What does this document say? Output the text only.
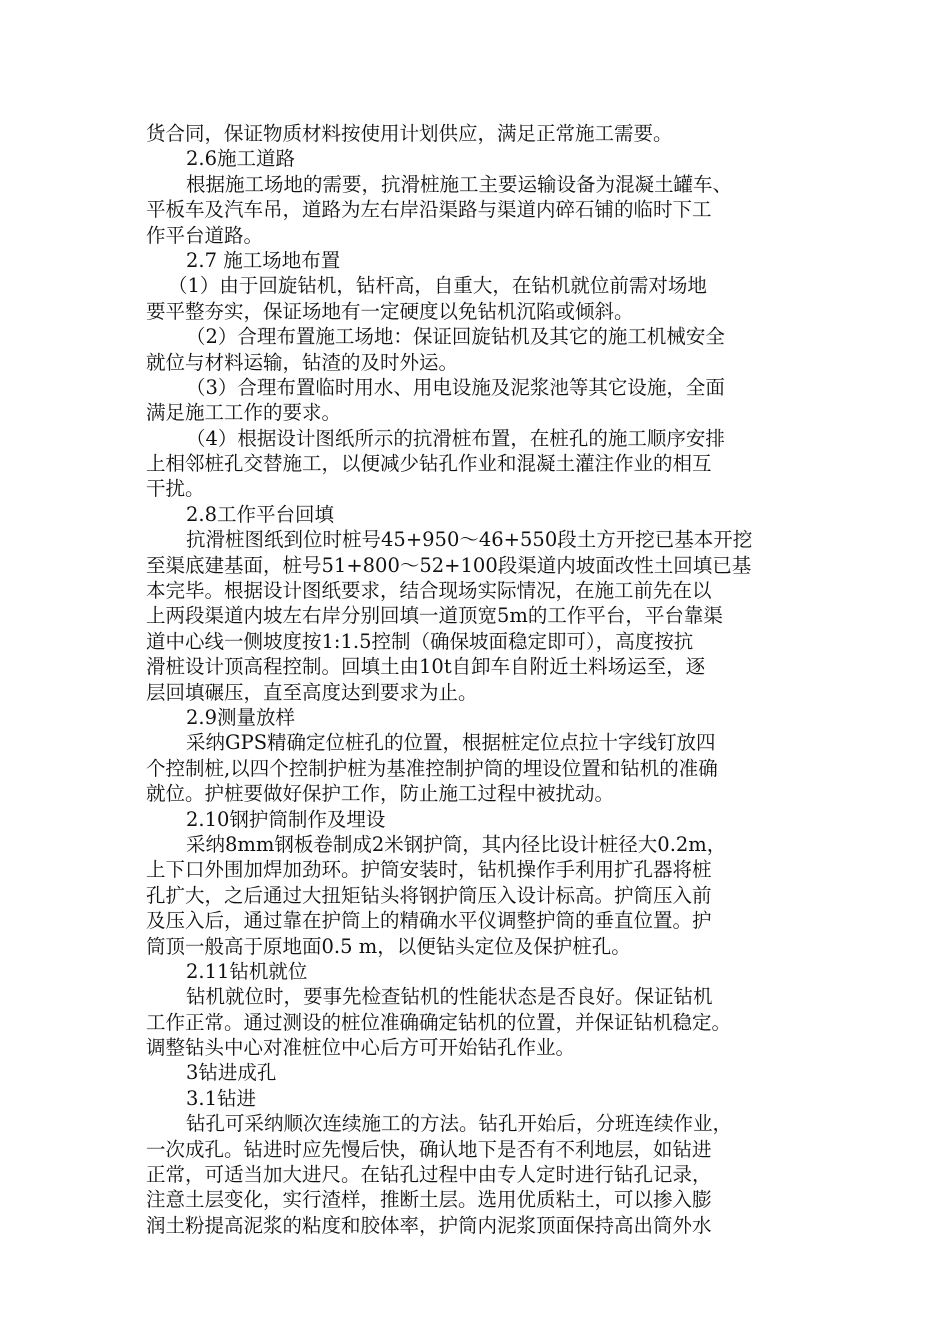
货合同，保证物质材料按使用计划供应，满足正常施工需要。
2.6施工道路
根据施工场地的需要，抗滑桩施工主要运输设备为混凝土罐车、
平板车及汽车吊，道路为左右岸沿渠路与渠道内碎石铺的临时下工
作平台道路。
2.7 施工场地布置
（1）由于回旋钻机，钻杆高，自重大，在钻机就位前需对场地
要平整夯实，保证场地有一定硬度以免钻机沉陷或倾斜。
（2）合理布置施工场地：保证回旋钻机及其它的施工机械安全
就位与材料运输，钻渣的及时外运。
（3）合理布置临时用水、用电设施及泥浆池等其它设施，全面
满足施工工作的要求。
（4）根据设计图纸所示的抗滑桩布置，在桩孔的施工顺序安排
上相邻桩孔交替施工，以便减少钻孔作业和混凝土灌注作业的相互
干扰。
2.8工作平台回填
抗滑桩图纸到位时桩号45+950～46+550段土方开挖已基本开挖
至渠底建基面，桩号51+800～52+100段渠道内坡面改性土回填已基
本完毕。根据设计图纸要求，结合现场实际情况，在施工前先在以
上两段渠道内坡左右岸分别回填一道顶宽5m的工作平台，平台靠渠
道中心线一侧坡度按1:1.5控制（确保坡面稳定即可），高度按抗
滑桩设计顶高程控制。回填土由10t自卸车自附近土料场运至，逐
层回填碾压，直至高度达到要求为止。
2.9测量放样
采纳GPS精确定位桩孔的位置，根据桩定位点拉十字线钉放四
个控制桩,以四个控制护桩为基准控制护筒的埋设位置和钻机的准确
就位。护桩要做好保护工作，防止施工过程中被扰动。
2.10钢护筒制作及埋设
采纳8mm钢板卷制成2米钢护筒，其内径比设计桩径大0.2m，
上下口外围加焊加劲环。护筒安装时，钻机操作手利用扩孔器将桩
孔扩大，之后通过大扭矩钻头将钢护筒压入设计标高。护筒压入前
及压入后，通过靠在护筒上的精确水平仪调整护筒的垂直位置。护
筒顶一般高于原地面0.5 m，以便钻头定位及保护桩孔。
2.11钻机就位
钻机就位时，要事先检查钻机的性能状态是否良好。保证钻机
工作正常。通过测设的桩位准确确定钻机的位置，并保证钻机稳定。
调整钻头中心对准桩位中心后方可开始钻孔作业。
3钻进成孔
3.1钻进
钻孔可采纳顺次连续施工的方法。钻孔开始后，分班连续作业，
一次成孔。钻进时应先慢后快，确认地下是否有不利地层，如钻进
正常，可适当加大进尺。在钻孔过程中由专人定时进行钻孔记录，
注意土层变化，实行渣样，推断土层。选用优质粘土，可以掺入膨
润土粉提高泥浆的粘度和胶体率，护筒内泥浆顶面保持高出筒外水
